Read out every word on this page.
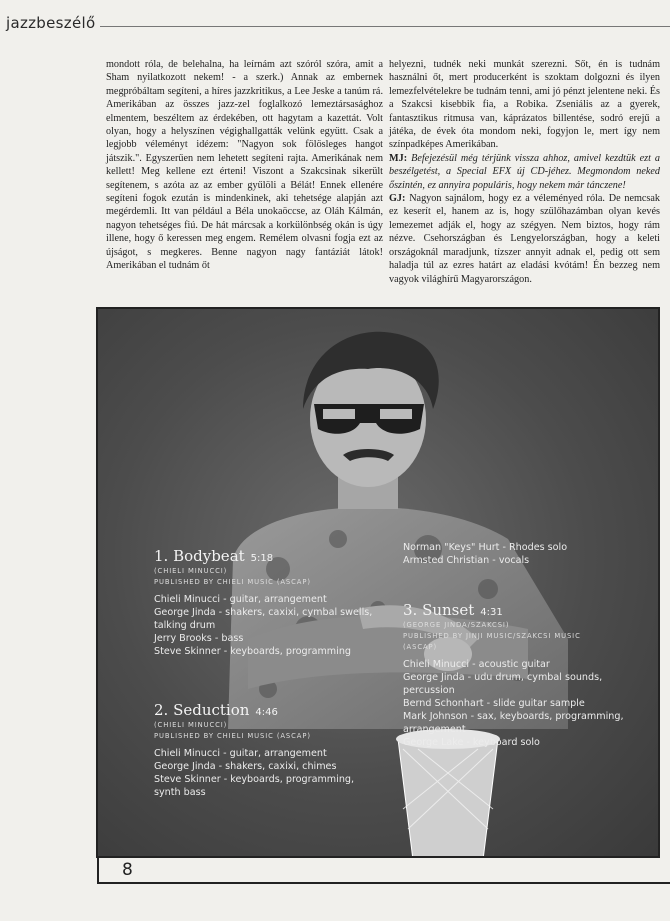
jazzbeszélő

mondott róla, de belehalna, ha leírnám azt szóról szóra, amit a Sham nyilatkozott nekem! - a szerk.) Annak az embernek megpróbáltam segíteni, a híres jazzkritikus, a Lee Jeske a tanúm rá. Amerikában az összes jazz-zel foglalkozó lemeztársasághoz elmentem, beszéltem az érdekében, ott hagytam a kazettát. Volt olyan, hogy a helyszínen végighallgatták velünk együtt. Csak a legjobb véleményt idézem: "Nagyon sok fölösleges hangot játszik.". Egyszerűen nem lehetett segíteni rajta. Amerikának nem kellett! Meg kellene ezt érteni! Viszont a Szakcsinak sikerült segítenem, s azóta az az ember gyűlöli a Bélát! Ennek ellenére segíteni fogok ezután is mindenkinek, aki tehetsége alapján azt megérdemli. Itt van például a Béla unokaöccse, az Oláh Kálmán, nagyon tehetséges fiú. De hát márcsak a korkülönbség okán is úgy illene, hogy ő keressen meg engem. Remélem olvasni fogja ezt az újságot, s megkeres. Benne nagyon nagy fantáziát látok! Amerikában el tudnám őt

helyezni, tudnék neki munkát szerezni. Sőt, én is tudnám használni őt, mert producerként is szoktam dolgozni és ilyen lemezfelvételekre be tudnám tenni, ami jó pénzt jelentene neki. És a Szakcsi kisebbik fia, a Robika. Zseniális az a gyerek, fantasztikus ritmusa van, káprázatos billentése, sodró erejű a játéka, de évek óta mondom neki, fogyjon le, mert így nem színpadképes Amerikában.

MJ: Befejezésül még térjünk vissza ahhoz, amivel kezdtük ezt a beszélgetést, a Special EFX új CD-jéhez. Megmondom neked őszintén, ez annyira populáris, hogy nekem már tánczene!

GJ: Nagyon sajnálom, hogy ez a véleményed róla. De nemcsak ez keserít el, hanem az is, hogy szülőhazámban olyan kevés lemezemet adják el, hogy az szégyen. Nem biztos, hogy rám nézve. Csehországban és Lengyelországban, hogy a keleti országoknál maradjunk, tízszer annyit adnak el, pedig ott sem haladja túl az ezres határt az eladási kvótám! Én bezzeg nem vagyok világhírű Magyarországon.

1. Bodybeat 5:18
(CHIELI MINUCCI)
PUBLISHED BY CHIELI MUSIC (ASCAP)
Chieli Minucci - guitar, arrangement
George Jinda - shakers, caxixi, cymbal swells,
talking drum
Jerry Brooks - bass
Steve Skinner - keyboards, programming
2. Seduction 4:46
(CHIELI MINUCCI)
PUBLISHED BY CHIELI MUSIC (ASCAP)
Chieli Minucci - guitar, arrangement
George Jinda - shakers, caxixi, chimes
Steve Skinner - keyboards, programming,
synth bass
Norman "Keys" Hurt - Rhodes solo
Armsted Christian - vocals
3. Sunset 4:31
(GEORGE JINDA/SZAKCSI)
PUBLISHED BY JINJI MUSIC/SZAKCSI MUSIC
(ASCAP)
Chieli Minucci - acoustic guitar
George Jinda - udu drum, cymbal sounds,
percussion
Bernd Schonhart - slide guitar sample
Mark Johnson - sax, keyboards, programming,
arrangement
George Lake - keyboard solo
8
